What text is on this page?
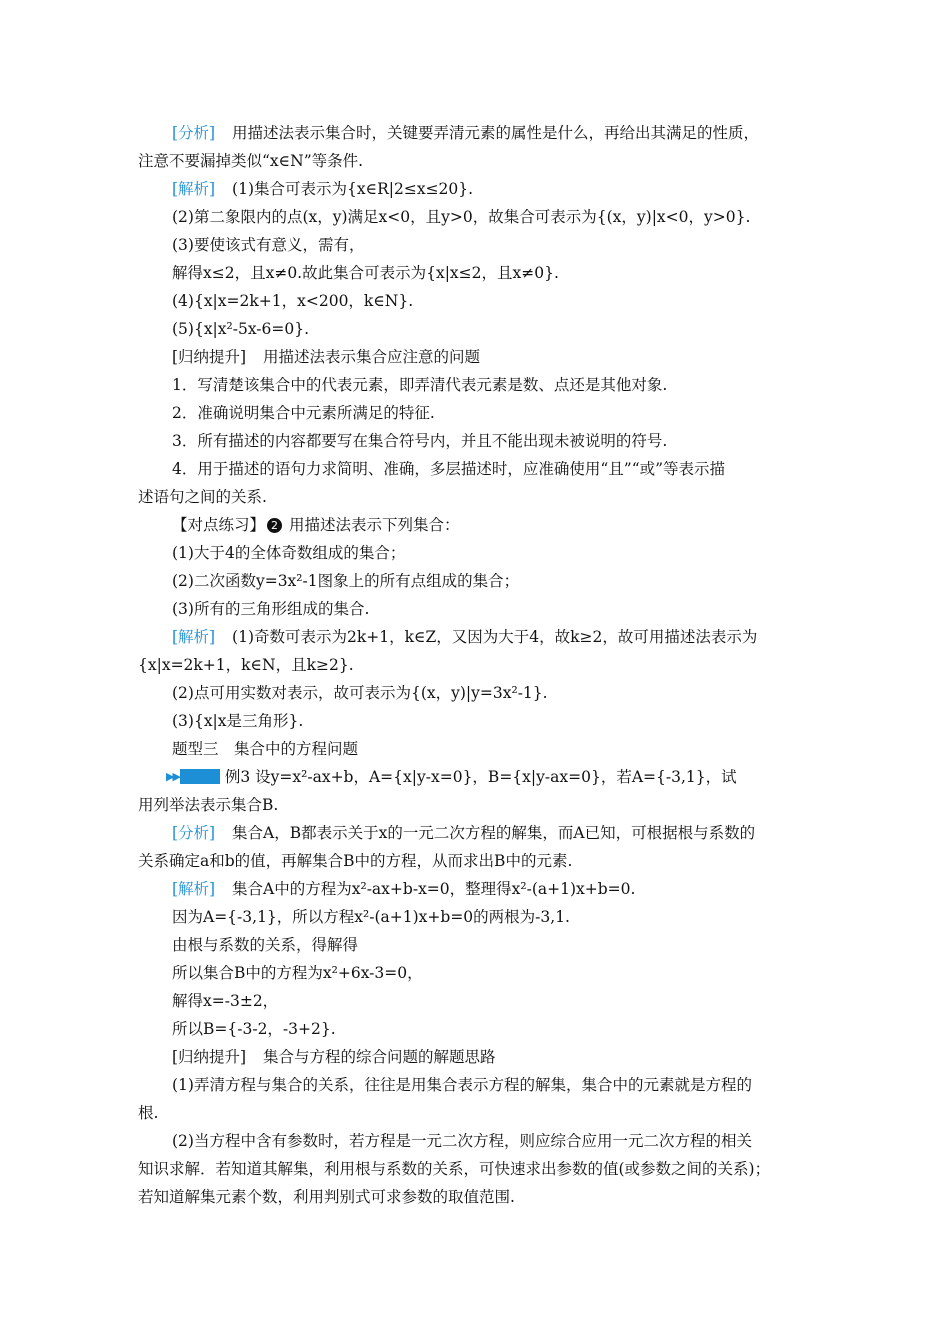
[分析] 用描述法表示集合时，关键要弄清元素的属性是什么，再给出其满足的性质，
注意不要漏掉类似“x∈N”等条件.
[解析] (1)集合可表示为{x∈R|2≤x≤20}.
(2)第二象限内的点(x，y)满足x<0，且y>0，故集合可表示为{(x，y)|x<0，y>0}.
(3)要使该式有意义，需有，
解得x≤2，且x≠0.故此集合可表示为{x|x≤2，且x≠0}.
(4){x|x=2k+1，x<200，k∈N}.
(5){x|x²-5x-6=0}.
[归纳提升] 用描述法表示集合应注意的问题
1．写清楚该集合中的代表元素，即弄清代表元素是数、点还是其他对象.
2．准确说明集合中元素所满足的特征.
3．所有描述的内容都要写在集合符号内，并且不能出现未被说明的符号.
4．用于描述的语句力求简明、准确，多层描述时，应准确使用“且”“或”等表示描
述语句之间的关系.
【对点练习】 2 用描述法表示下列集合：
(1)大于4的全体奇数组成的集合；
(2)二次函数y=3x²-1图象上的所有点组成的集合；
(3)所有的三角形组成的集合.
[解析] (1)奇数可表示为2k+1，k∈Z，又因为大于4，故k≥2，故可用描述法表示为
{x|x=2k+1，k∈N，且k≥2}.
(2)点可用实数对表示，故可表示为{(x，y)|y=3x²-1}.
(3){x|x是三角形}.
题型三　集合中的方程问题
▶▶	例3 设y=x²-ax+b，A={x|y-x=0}，B={x|y-ax=0}，若A={-3,1}，试
用列举法表示集合B.
[分析] 集合A，B都表示关于x的一元二次方程的解集，而A已知，可根据根与系数的
关系确定a和b的值，再解集合B中的方程，从而求出B中的元素.
[解析] 集合A中的方程为x²-ax+b-x=0，整理得x²-(a+1)x+b=0.
因为A={-3,1}，所以方程x²-(a+1)x+b=0的两根为-3,1.
由根与系数的关系，得解得
所以集合B中的方程为x²+6x-3=0，
解得x=-3±2，
所以B={-3-2，-3+2}.
[归纳提升] 集合与方程的综合问题的解题思路
(1)弄清方程与集合的关系，往往是用集合表示方程的解集，集合中的元素就是方程的
根.
(2)当方程中含有参数时，若方程是一元二次方程，则应综合应用一元二次方程的相关
知识求解．若知道其解集，利用根与系数的关系，可快速求出参数的值(或参数之间的关系)；
若知道解集元素个数，利用判别式可求参数的取值范围.
